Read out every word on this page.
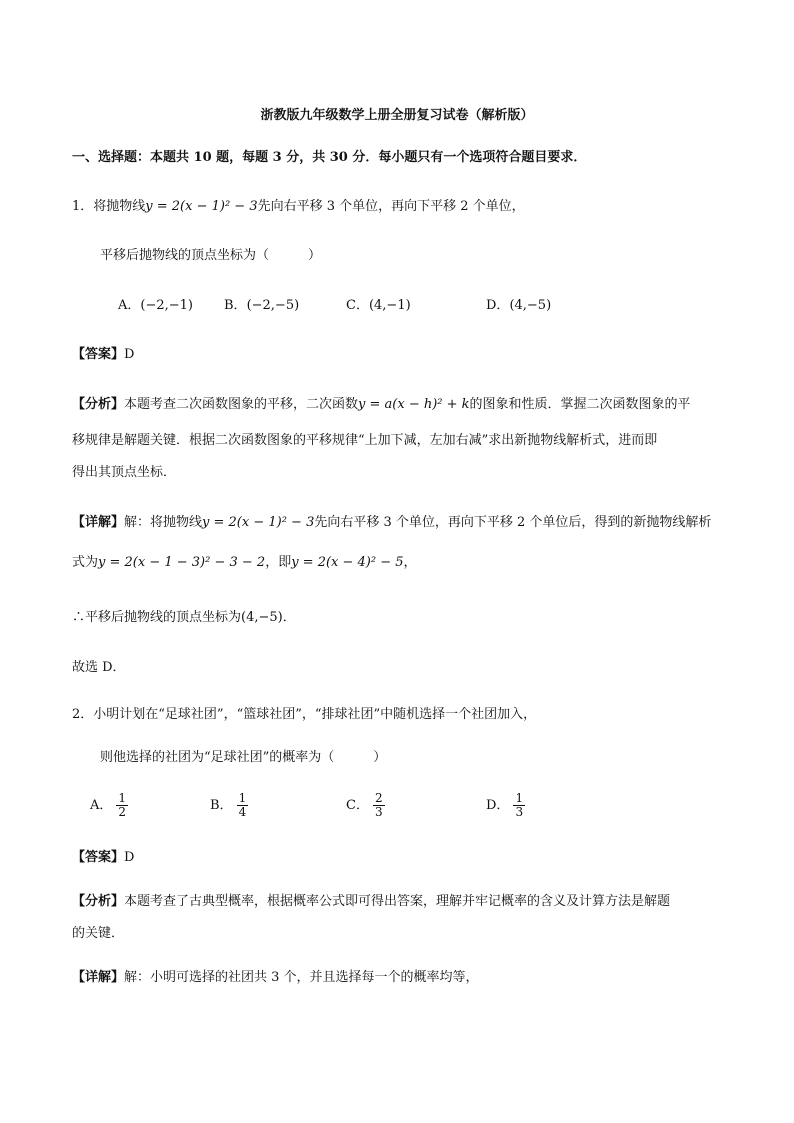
浙教版九年级数学上册全册复习试卷（解析版）
一、选择题：本题共 10 题，每题 3 分，共 30 分．每小题只有一个选项符合题目要求．
1．将抛物线y = 2(x − 1)² − 3先向右平移 3 个单位，再向下平移 2 个单位，
平移后抛物线的顶点坐标为（　　　）
A．(−2,−1) B．(−2,−5)	C．(4,−1)	D．(4,−5)
【答案】D
【分析】本题考查二次函数图象的平移，二次函数y = a(x − h)² + k的图象和性质．掌握二次函数图象的平
移规律是解题关键．根据二次函数图象的平移规律“上加下减，左加右减”求出新抛物线解析式，进而即
得出其顶点坐标．
【详解】解：将抛物线y = 2(x − 1)² − 3先向右平移 3 个单位，再向下平移 2 个单位后，得到的新抛物线解析
式为y = 2(x − 1 − 3)² − 3 − 2，即y = 2(x − 4)² − 5，
∴平移后抛物线的顶点坐标为(4,−5)．
故选 D．
2．小明计划在“足球社团”，“篮球社团”，“排球社团”中随机选择一个社团加入，
则他选择的社团为“足球社团”的概率为（　　　）
A． $\frac{1}{2}$	B． $\frac{1}{4}$	C． $\frac{2}{3}$	D． $\frac{1}{3}$
【答案】D
【分析】本题考查了古典型概率，根据概率公式即可得出答案，理解并牢记概率的含义及计算方法是解题
的关键．
【详解】解：小明可选择的社团共 3 个，并且选择每一个的概率均等，
